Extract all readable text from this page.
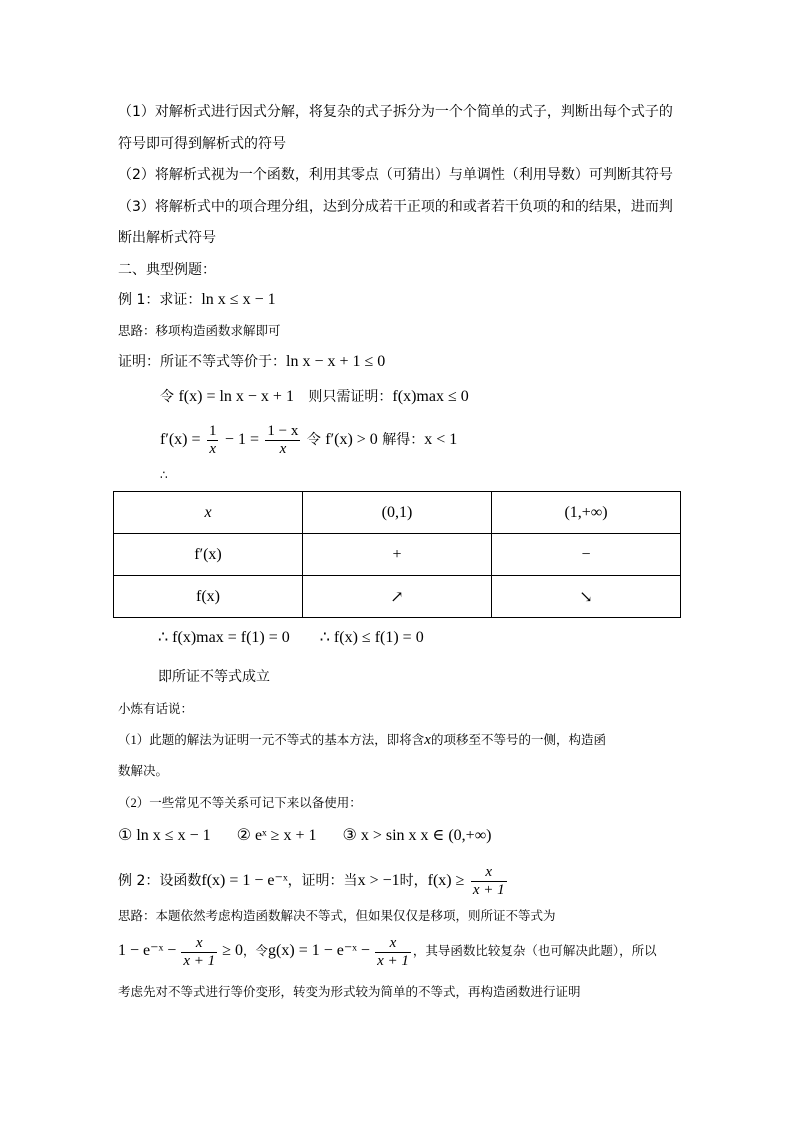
（1）对解析式进行因式分解，将复杂的式子拆分为一个个简单的式子，判断出每个式子的
符号即可得到解析式的符号
（2）将解析式视为一个函数，利用其零点（可猜出）与单调性（利用导数）可判断其符号
（3）将解析式中的项合理分组，达到分成若干正项的和或者若干负项的和的结果，进而判
断出解析式符号
二、典型例题：
例 1：求证：ln x ≤ x − 1
思路：移项构造函数求解即可
证明：所证不等式等价于：ln x − x + 1 ≤ 0
令 f(x) = ln x − x + 1 则只需证明：f(x)max ≤ 0
$f'(x) = \frac{1}{x} - 1 = \frac{1 - x}{x}$ 令 f′(x) > 0 解得：x < 1
∴
x	(0,1)	(1,+∞)
f′(x)	+	−
f(x)	↗	↘
∴ f(x)max = f(1) = 0 ∴ f(x) ≤ f(1) = 0
即所证不等式成立
小炼有话说：
（1）此题的解法为证明一元不等式的基本方法，即将含x的项移至不等号的一侧，构造函
数解决。
（2）一些常见不等关系可记下来以备使用：
① ln x ≤ x − 1 ② eˣ ≥ x + 1 ③ x > sin x x ∈ (0,+∞)
例 2：设函数f(x) = 1 − e⁻ˣ，证明：当x > −1时，$f(x) \ge \frac{x}{x + 1}$
思路：本题依然考虑构造函数解决不等式，但如果仅仅是移项，则所证不等式为
1 − e⁻ˣ − $\frac{x}{x + 1} \ge 0$，令g(x) = 1 − e⁻ˣ − $\frac{x}{x + 1}$ ，其导函数比较复杂（也可解决此题），所以
考虑先对不等式进行等价变形，转变为形式较为简单的不等式，再构造函数进行证明
